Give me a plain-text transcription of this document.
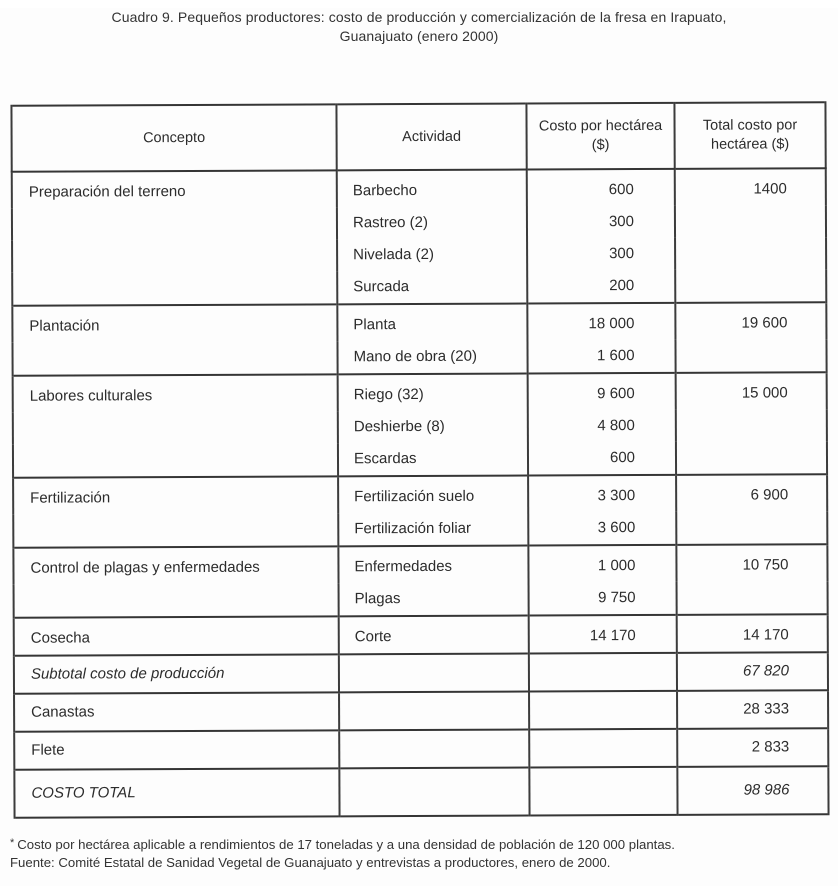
Cuadro 9. Pequeños productores: costo de producción y comercialización de la fresa en Irapuato,
Guanajuato (enero 2000)
Concepto	Actividad	Costo por hectárea ($)	Total costo por hectárea ($)
Preparación del terreno	Barbecho	600	1400
	Rastreo (2)	300	
	Nivelada (2)	300	
	Surcada	200	
Plantación	Planta	18 000	19 600
	Mano de obra (20)	1 600	
Labores culturales	Riego (32)	9 600	15 000
	Deshierbe (8)	4 800	
	Escardas	600	
Fertilización	Fertilización suelo	3 300	6 900
	Fertilización foliar	3 600	
Control de plagas y enfermedades	Enfermedades	1 000	10 750
	Plagas	9 750	
Cosecha	Corte	14 170	14 170
Subtotal costo de producción			67 820
Canastas			28 333
Flete			2 833
COSTO TOTAL			98 986
* Costo por hectárea aplicable a rendimientos de 17 toneladas y a una densidad de población de 120 000 plantas.
Fuente: Comité Estatal de Sanidad Vegetal de Guanajuato y entrevistas a productores, enero de 2000.
